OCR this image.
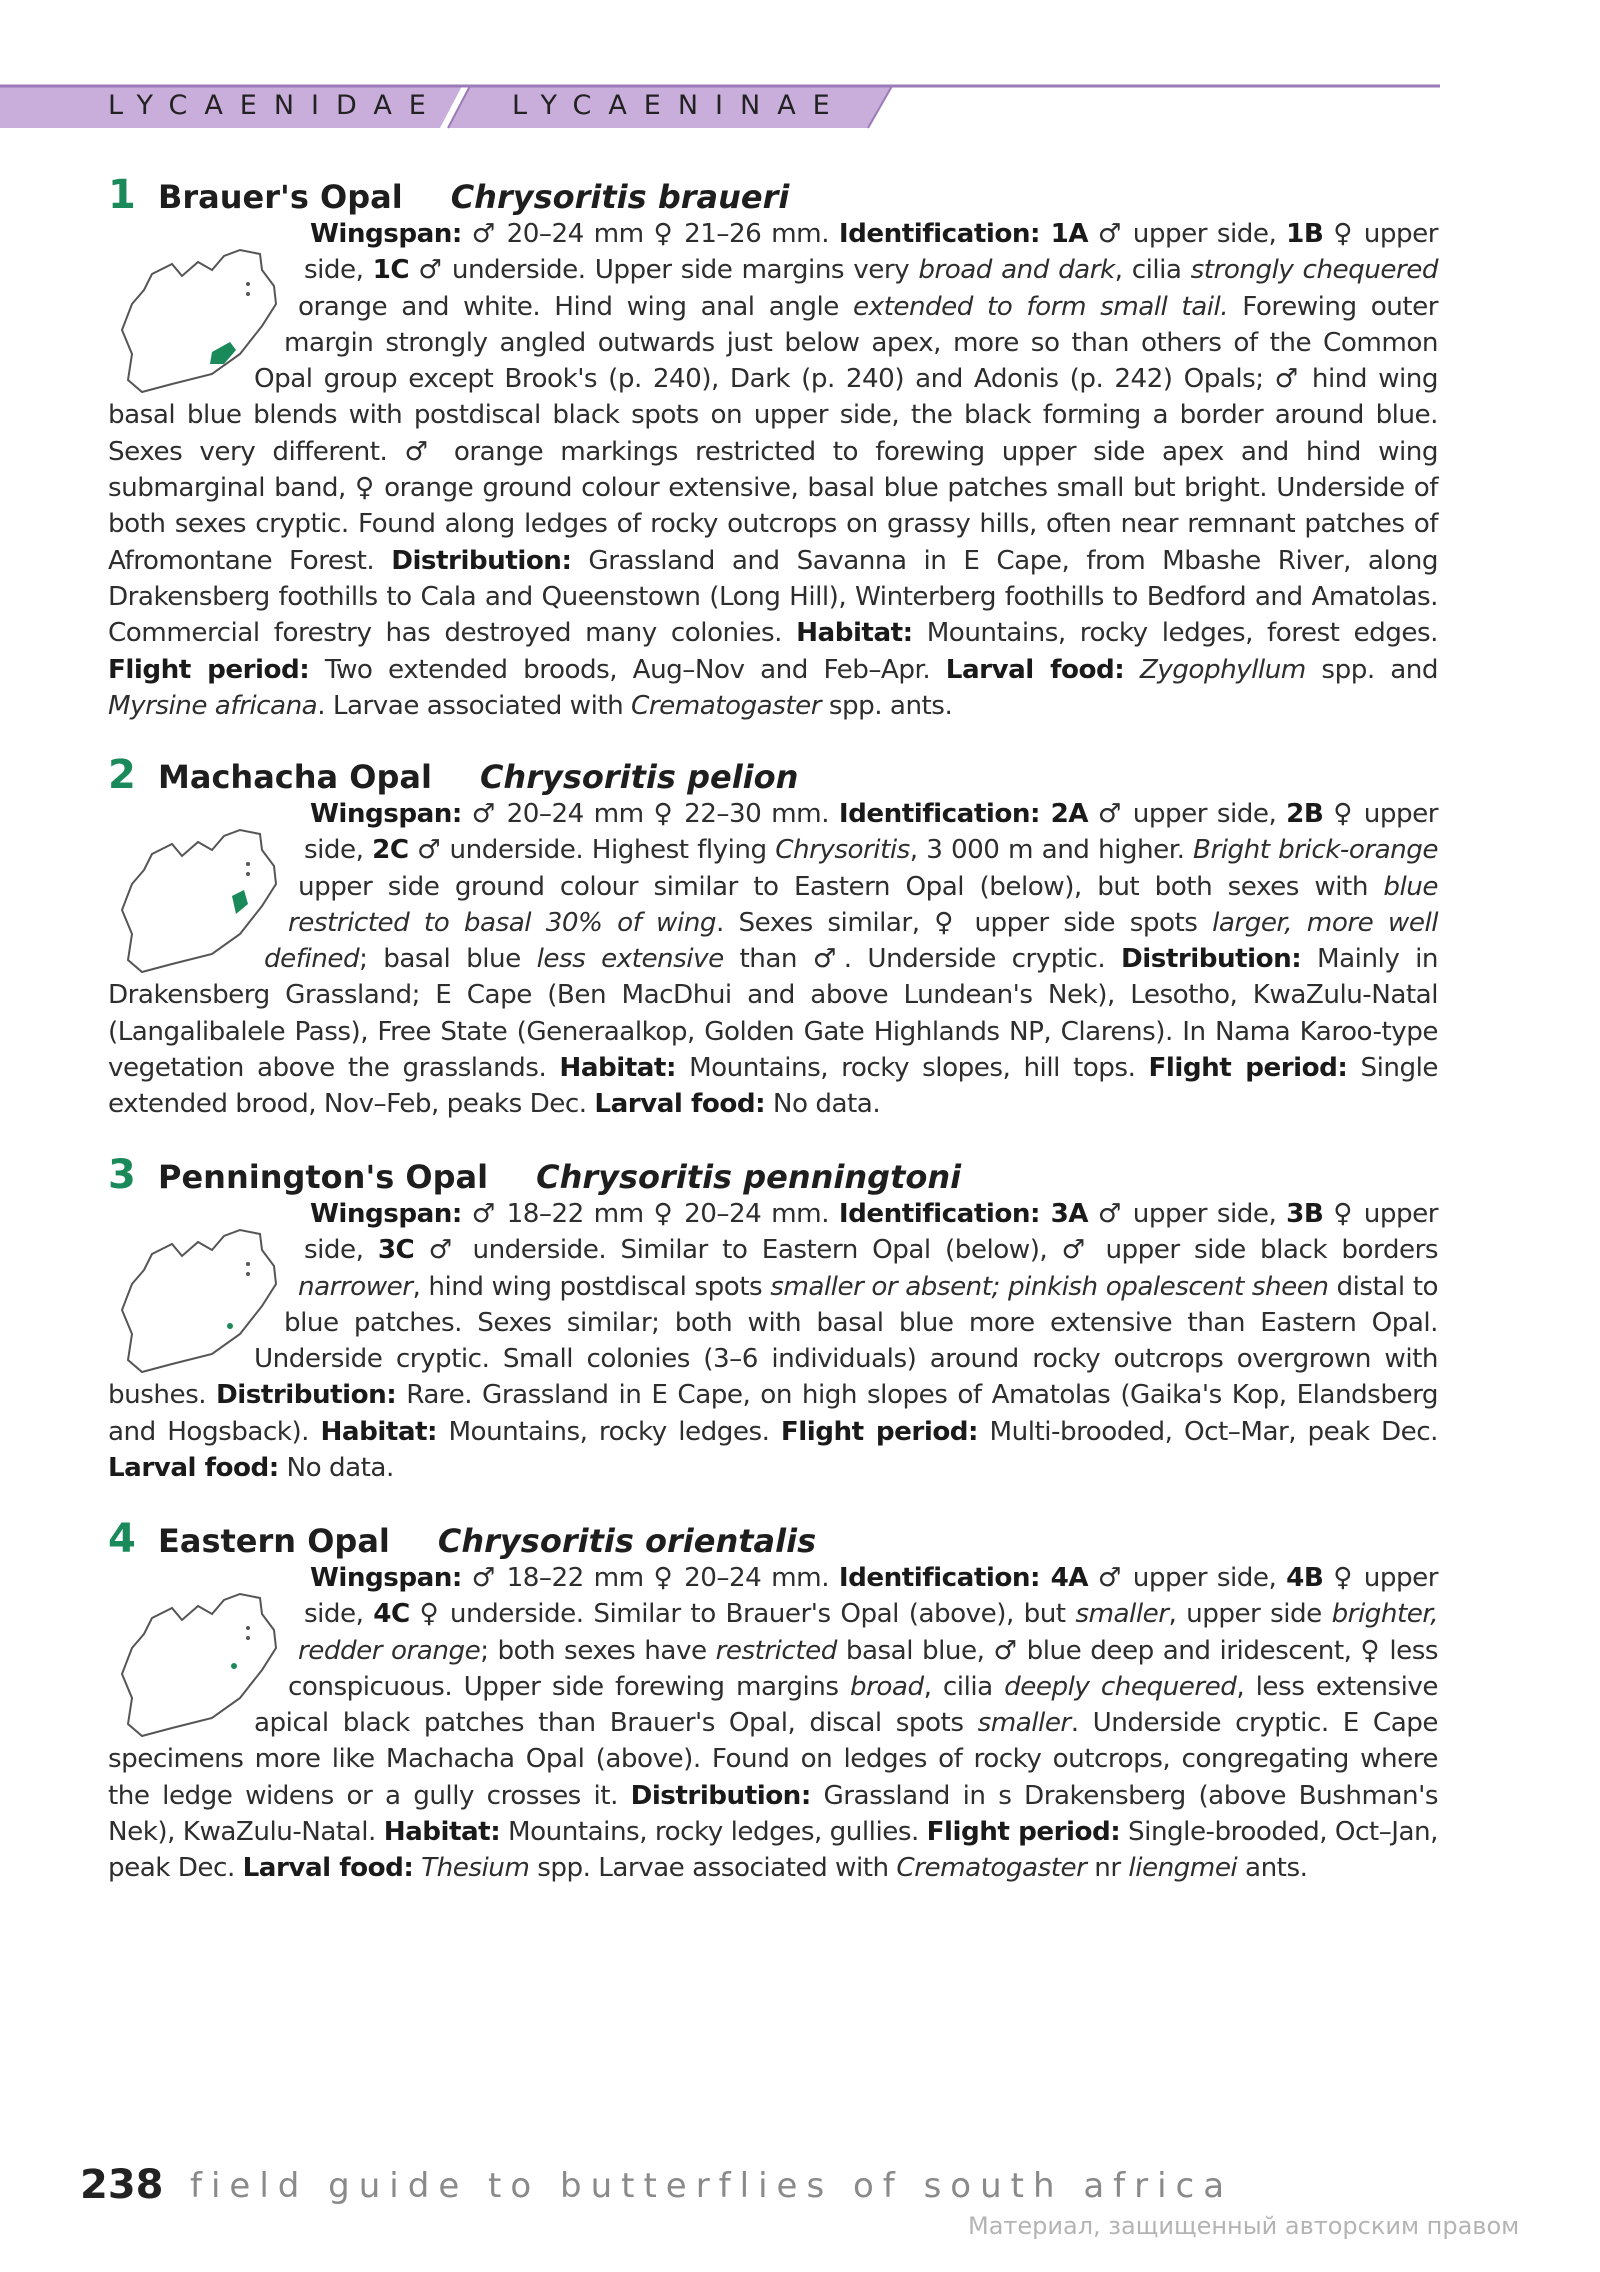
LYCAENIDAE	LYCAENINAE
1 Brauer's Opal Chrysoritis braueri

Wingspan: ♂ 20–24 mm ♀ 21–26 mm. Identification: 1A ♂ upper side, 1B ♀ upper side, 1C ♂ underside. Upper side margins very broad and dark, cilia strongly chequered orange and white. Hind wing anal angle extended to form small tail. Forewing outer margin strongly angled outwards just below apex, more so than others of the Common Opal group except Brook's (p. 240), Dark (p. 240) and Adonis (p. 242) Opals; ♂ hind wing basal blue blends with postdiscal black spots on upper side, the black forming a border around blue. Sexes very different. ♂ orange markings restricted to forewing upper side apex and hind wing submarginal band, ♀ orange ground colour extensive, basal blue patches small but bright. Underside of both sexes cryptic. Found along ledges of rocky outcrops on grassy hills, often near remnant patches of Afromontane Forest. Distribution: Grassland and Savanna in E Cape, from Mbashe River, along Drakensberg foothills to Cala and Queenstown (Long Hill), Winterberg foothills to Bedford and Amatolas. Commercial forestry has destroyed many colonies. Habitat: Mountains, rocky ledges, forest edges. Flight period: Two extended broods, Aug–Nov and Feb–Apr. Larval food: Zygophyllum spp. and Myrsine africana. Larvae associated with Crematogaster spp. ants.

2 Machacha Opal Chrysoritis pelion

Wingspan: ♂ 20–24 mm ♀ 22–30 mm. Identification: 2A ♂ upper side, 2B ♀ upper side, 2C ♂ underside. Highest flying Chrysoritis, 3 000 m and higher. Bright brick-orange upper side ground colour similar to Eastern Opal (below), but both sexes with blue restricted to basal 30% of wing. Sexes similar, ♀ upper side spots larger, more well defined; basal blue less extensive than ♂. Underside cryptic. Distribution: Mainly in Drakensberg Grassland; E Cape (Ben MacDhui and above Lundean's Nek), Lesotho, KwaZulu-Natal (Langalibalele Pass), Free State (Generaalkop, Golden Gate Highlands NP, Clarens). In Nama Karoo-type vegetation above the grasslands. Habitat: Mountains, rocky slopes, hill tops. Flight period: Single extended brood, Nov–Feb, peaks Dec. Larval food: No data.

3 Pennington's Opal Chrysoritis penningtoni

Wingspan: ♂ 18–22 mm ♀ 20–24 mm. Identification: 3A ♂ upper side, 3B ♀ upper side, 3C ♂ underside. Similar to Eastern Opal (below), ♂ upper side black borders narrower, hind wing postdiscal spots smaller or absent; pinkish opalescent sheen distal to blue patches. Sexes similar; both with basal blue more extensive than Eastern Opal. Underside cryptic. Small colonies (3–6 individuals) around rocky outcrops overgrown with bushes. Distribution: Rare. Grassland in E Cape, on high slopes of Amatolas (Gaika's Kop, Elandsberg and Hogsback). Habitat: Mountains, rocky ledges. Flight period: Multi-brooded, Oct–Mar, peak Dec. Larval food: No data.

4 Eastern Opal Chrysoritis orientalis

Wingspan: ♂ 18–22 mm ♀ 20–24 mm. Identification: 4A ♂ upper side, 4B ♀ upper side, 4C ♀ underside. Similar to Brauer's Opal (above), but smaller, upper side brighter, redder orange; both sexes have restricted basal blue, ♂ blue deep and iridescent, ♀ less conspicuous. Upper side forewing margins broad, cilia deeply chequered, less extensive apical black patches than Brauer's Opal, discal spots smaller. Underside cryptic. E Cape specimens more like Machacha Opal (above). Found on ledges of rocky outcrops, congregating where the ledge widens or a gully crosses it. Distribution: Grassland in s Drakensberg (above Bushman's Nek), KwaZulu-Natal. Habitat: Mountains, rocky ledges, gullies. Flight period: Single-brooded, Oct–Jan, peak Dec. Larval food: Thesium spp. Larvae associated with Crematogaster nr liengmei ants.

238 field guide to butterflies of south africa
Материал, защищенный авторским правом
